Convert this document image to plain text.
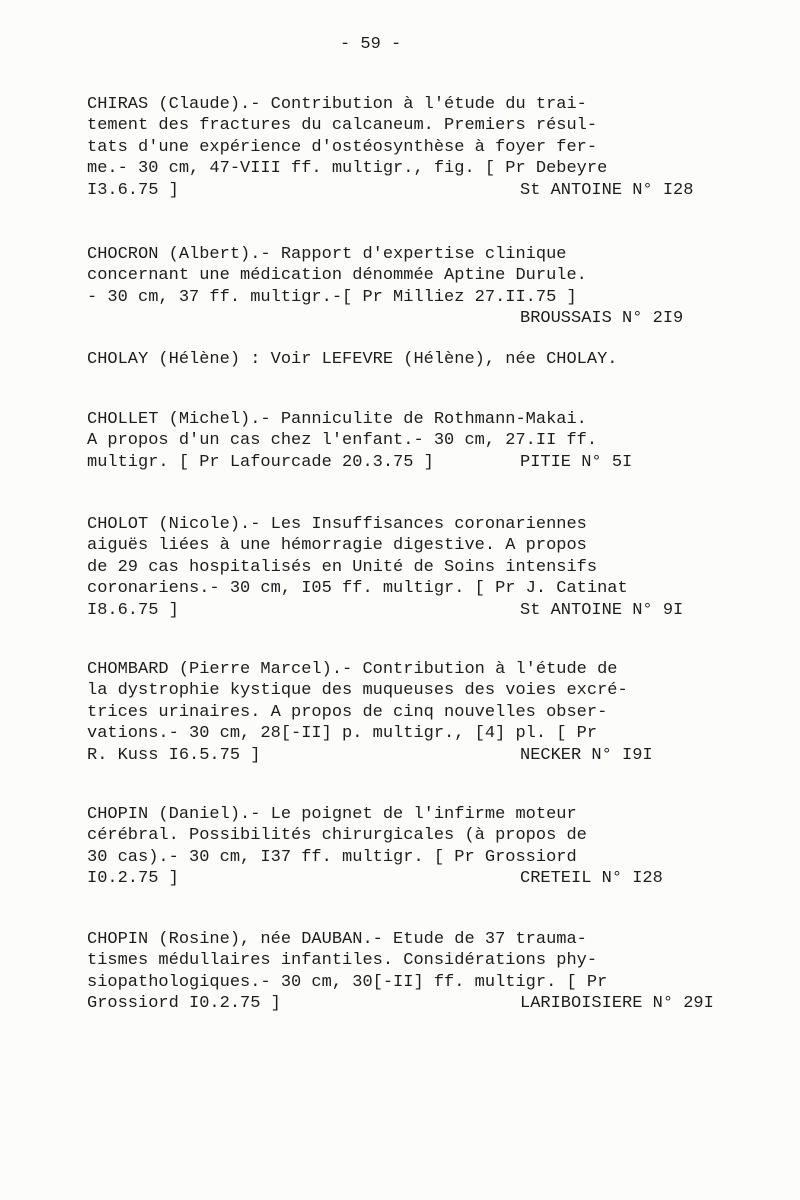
- 59 -
CHIRAS (Claude).- Contribution à l'étude du trai-
tement des fractures du calcaneum. Premiers résul-
tats d'une expérience d'ostéosynthèse à foyer fer-
me.- 30 cm, 47-VIII ff. multigr., fig. [ Pr Debeyre
I3.6.75 ]	St ANTOINE N° I28
CHOCRON (Albert).- Rapport d'expertise clinique
concernant une médication dénommée Aptine Durule.
- 30 cm, 37 ff. multigr.-[ Pr Milliez 27.II.75 ]
BROUSSAIS N° 2I9
CHOLAY (Hélène) : Voir LEFEVRE (Hélène), née CHOLAY.
CHOLLET (Michel).- Panniculite de Rothmann-Makai.
A propos d'un cas chez l'enfant.- 30 cm, 27.II ff.
multigr. [ Pr Lafourcade 20.3.75 ]	PITIE N° 5I
CHOLOT (Nicole).- Les Insuffisances coronariennes
aiguës liées à une hémorragie digestive. A propos
de 29 cas hospitalisés en Unité de Soins intensifs
coronariens.- 30 cm, I05 ff. multigr. [ Pr J. Catinat
I8.6.75 ]	St ANTOINE N° 9I
CHOMBARD (Pierre Marcel).- Contribution à l'étude de
la dystrophie kystique des muqueuses des voies excré-
trices urinaires. A propos de cinq nouvelles obser-
vations.- 30 cm, 28[-II] p. multigr., [4] pl. [ Pr
R. Kuss I6.5.75 ]	NECKER N° I9I
CHOPIN (Daniel).- Le poignet de l'infirme moteur
cérébral. Possibilités chirurgicales (à propos de
30 cas).- 30 cm, I37 ff. multigr. [ Pr Grossiord
I0.2.75 ]	CRETEIL N° I28
CHOPIN (Rosine), née DAUBAN.- Etude de 37 trauma-
tismes médullaires infantiles. Considérations phy-
siopathologiques.- 30 cm, 30[-II] ff. multigr. [ Pr
Grossiord I0.2.75 ]	LARIBOISIERE N° 29I
